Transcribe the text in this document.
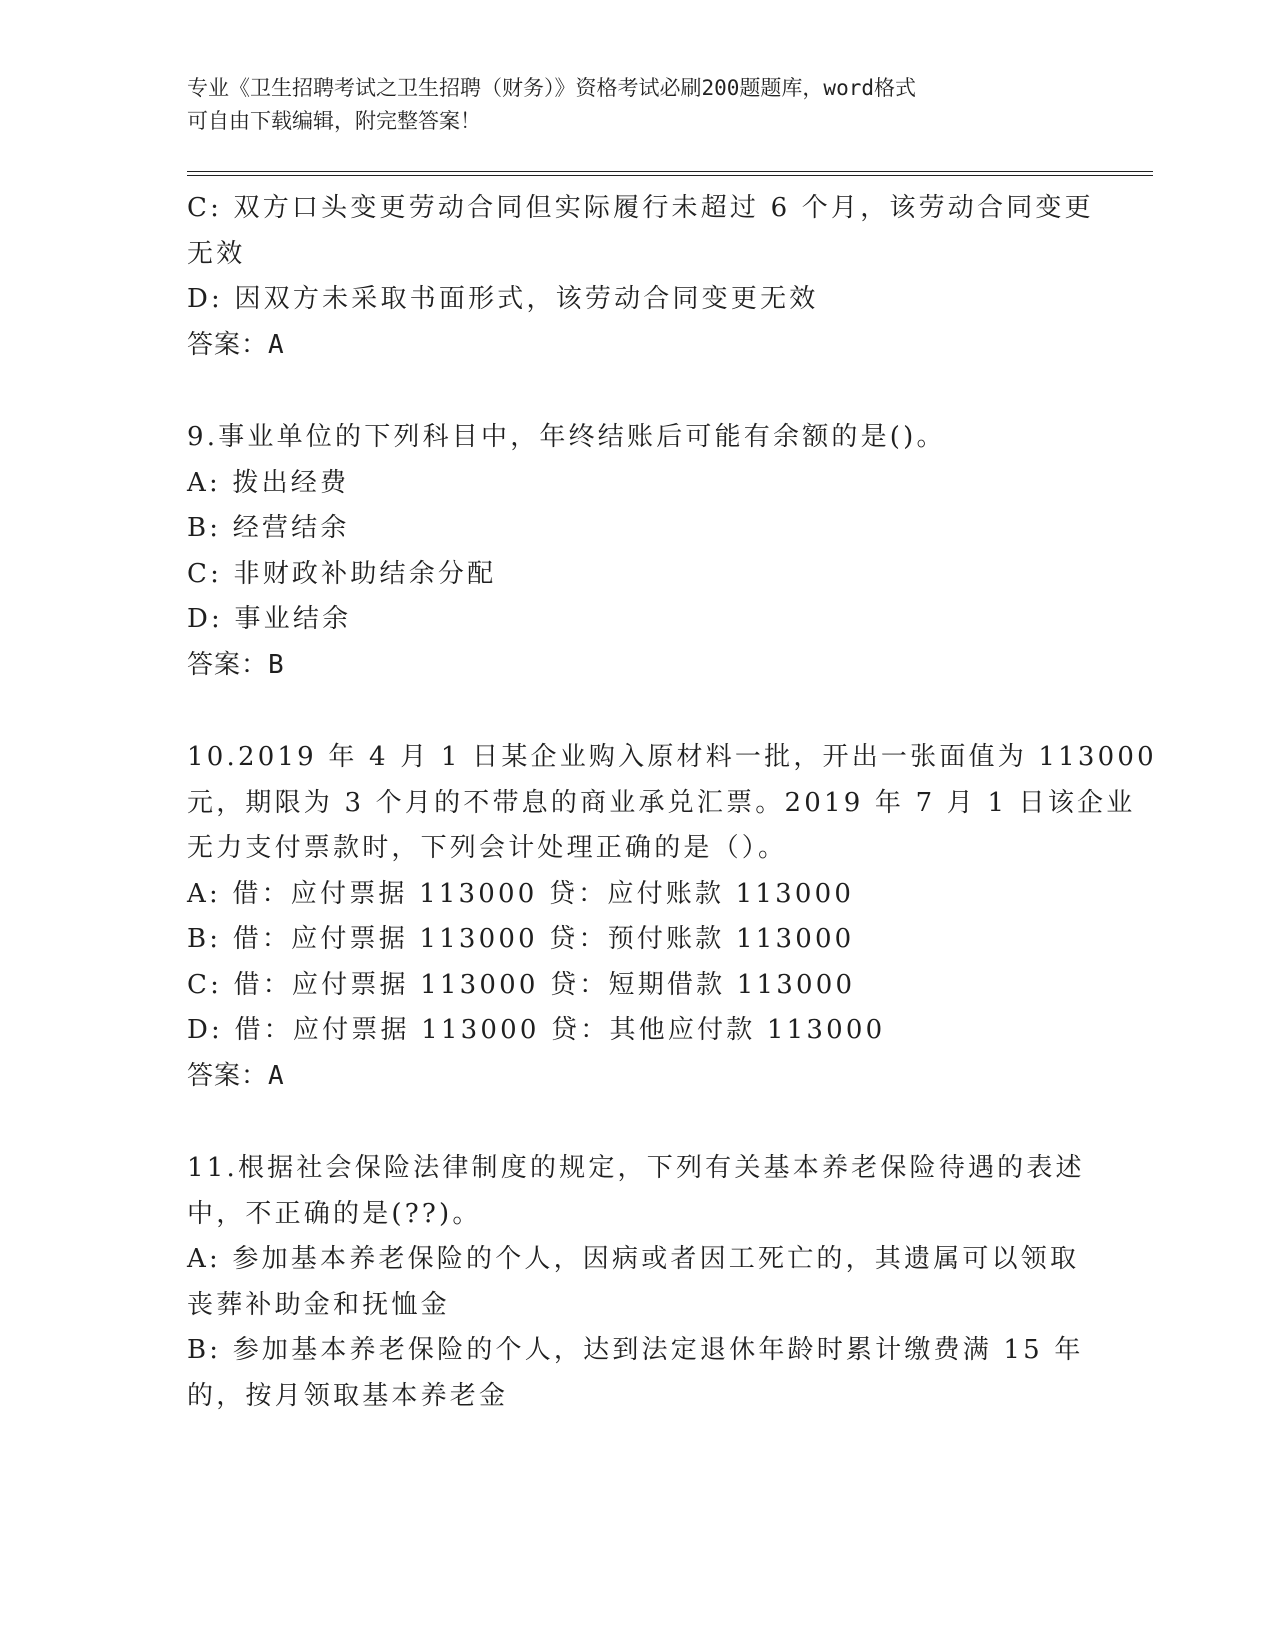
专业《卫生招聘考试之卫生招聘（财务）》资格考试必刷200题题库，word格式
可自由下载编辑，附完整答案！
C: 双方口头变更劳动合同但实际履行未超过 6 个月，该劳动合同变更
无效
D: 因双方未采取书面形式，该劳动合同变更无效
答案：A
9.事业单位的下列科目中，年终结账后可能有余额的是()。
A: 拨出经费
B: 经营结余
C: 非财政补助结余分配
D: 事业结余
答案：B
10.2019 年 4 月 1 日某企业购入原材料一批，开出一张面值为 113000
元，期限为 3 个月的不带息的商业承兑汇票。2019 年 7 月 1 日该企业
无力支付票款时，下列会计处理正确的是（）。
A: 借：应付票据 113000 贷：应付账款 113000
B: 借：应付票据 113000 贷：预付账款 113000
C: 借：应付票据 113000 贷：短期借款 113000
D: 借：应付票据 113000 贷：其他应付款 113000
答案：A
11.根据社会保险法律制度的规定，下列有关基本养老保险待遇的表述
中，不正确的是(??)。
A: 参加基本养老保险的个人，因病或者因工死亡的，其遗属可以领取
丧葬补助金和抚恤金
B: 参加基本养老保险的个人，达到法定退休年龄时累计缴费满 15 年
的，按月领取基本养老金
